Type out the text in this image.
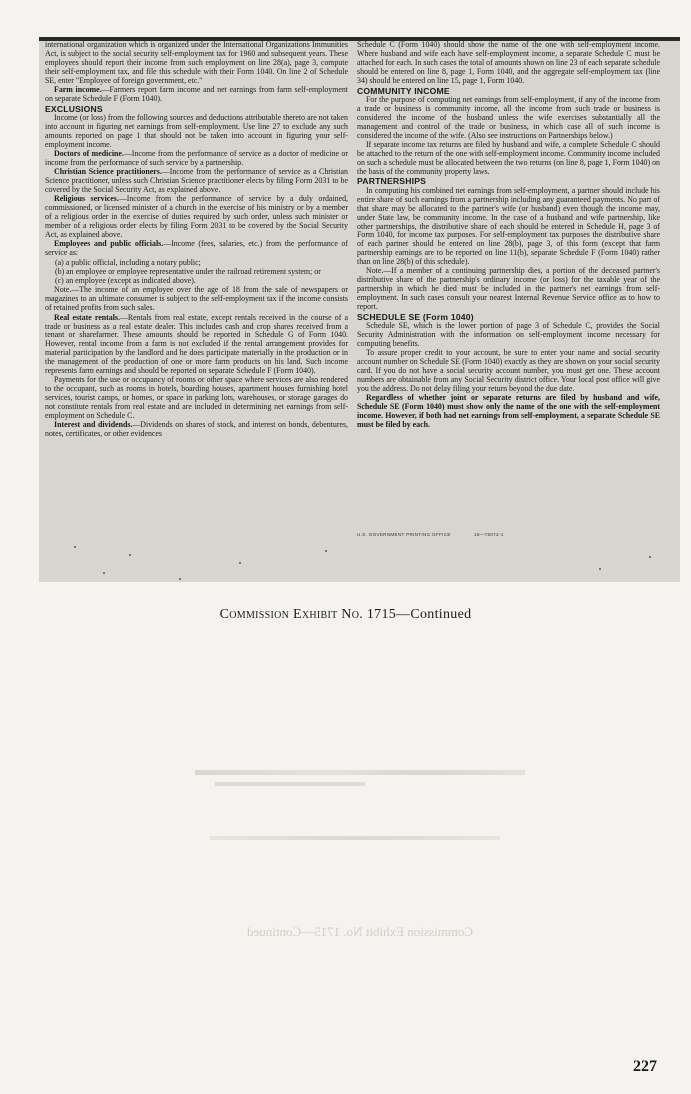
international organization which is organized under the International Organizations Immunities Act, is subject to the social security self-employment tax for 1960 and subsequent years. These employees should report their income from such employment on line 28(a), page 3, compute their self-employment tax, and file this schedule with their Form 1040. On line 2 of Schedule SE, enter "Employee of foreign government, etc."

Farm income.—Farmers report farm income and net earnings from farm self-employment on separate Schedule F (Form 1040).

EXCLUSIONS

Income (or loss) from the following sources and deductions attributable thereto are not taken into account in figuring net earnings from self-employment. Use line 27 to exclude any such amounts reported on page 1 that should not be taken into account in figuring your self-employment income.

Doctors of medicine.—Income from the performance of service as a doctor of medicine or income from the performance of such service by a partnership.

Christian Science practitioners.—Income from the performance of service as a Christian Science practitioner, unless such Christian Science practitioner elects by filing Form 2031 to be covered by the Social Security Act, as explained above.

Religious services.—Income from the performance of service by a duly ordained, commissioned, or licensed minister of a church in the exercise of his ministry or by a member of a religious order in the exercise of duties required by such order, unless such minister or member of a religious order elects by filing Form 2031 to be covered by the Social Security Act, as explained above.

Employees and public officials.—Income (fees, salaries, etc.) from the performance of service as:

(a) a public official, including a notary public;

(b) an employee or employee representative under the railroad retirement system; or

(c) an employee (except as indicated above).

Note.—The income of an employee over the age of 18 from the sale of newspapers or magazines to an ultimate consumer is subject to the self-employment tax if the income consists of retained profits from such sales.

Real estate rentals.—Rentals from real estate, except rentals received in the course of a trade or business as a real estate dealer. This includes cash and crop shares received from a tenant or sharefarmer. These amounts should be reported in Schedule G of Form 1040. However, rental income from a farm is not excluded if the rental arrangement provides for material participation by the landlord and he does participate materially in the production or in the management of the production of one or more farm products on his land. Such income represents farm earnings and should be reported on separate Schedule F (Form 1040).

Payments for the use or occupancy of rooms or other space where services are also rendered to the occupant, such as rooms in hotels, boarding houses, apartment houses furnishing hotel services, tourist camps, or homes, or space in parking lots, warehouses, or storage garages do not constitute rentals from real estate and are included in determining net earnings from self-employment on Schedule C.

Interest and dividends.—Dividends on shares of stock, and interest on bonds, debentures, notes, certificates, or other evidences

Schedule C (Form 1040) should show the name of the one with self-employment income. Where husband and wife each have self-employment income, a separate Schedule C must be attached for each. In such cases the total of amounts shown on line 23 of each separate schedule should be entered on line 8, page 1, Form 1040, and the aggregate self-employment tax (line 34) should be entered on line 15, page 1, Form 1040.

COMMUNITY INCOME

For the purpose of computing net earnings from self-employment, if any of the income from a trade or business is community income, all the income from such trade or business is considered the income of the husband unless the wife exercises substantially all the management and control of the trade or business, in which case all of such income is considered the income of the wife. (Also see instructions on Partnerships below.)

If separate income tax returns are filed by husband and wife, a complete Schedule C should be attached to the return of the one with self-employment income. Community income included on such a schedule must be allocated between the two returns (on line 8, page 1, Form 1040) on the basis of the community property laws.

PARTNERSHIPS

In computing his combined net earnings from self-employment, a partner should include his entire share of such earnings from a partnership including any guaranteed payments. No part of that share may be allocated to the partner's wife (or husband) even though the income may, under State law, be community income. In the case of a husband and wife partnership, like other partnerships, the distributive share of each should be entered in Schedule H, page 3 of Form 1040, for income tax purposes. For self-employment tax purposes the distributive share of each partner should be entered on line 28(b), page 3, of this form (except that farm partnership earnings are to be reported on line 11(b), separate Schedule F (Form 1040) rather than on line 28(b) of this schedule).

Note.—If a member of a continuing partnership dies, a portion of the deceased partner's distributive share of the partnership's ordinary income (or loss) for the taxable year of the partnership in which he died must be included in the partner's net earnings from self-employment. In such cases consult your nearest Internal Revenue Service office as to how to report.

SCHEDULE SE (Form 1040)

Schedule SE, which is the lower portion of page 3 of Schedule C, provides the Social Security Administration with the information on self-employment income necessary for computing benefits.

To assure proper credit to your account, be sure to enter your name and social security account number on Schedule SE (Form 1040) exactly as they are shown on your social security card. If you do not have a social security account number, you must get one. These account numbers are obtainable from any Social Security district office. Your local post office will give you the address. Do not delay filing your return beyond the due date.

Regardless of whether joint or separate returns are filed by husband and wife, Schedule SE (Form 1040) must show only the name of the one with the self-employment income. However, if both had net earnings from self-employment, a separate Schedule SE must be filed by each.

U.S. GOVERNMENT PRINTING OFFICE	16—76072-1
Commission Exhibit No. 1715—Continued
Commission Exhibit No. 1715—Continued
227
